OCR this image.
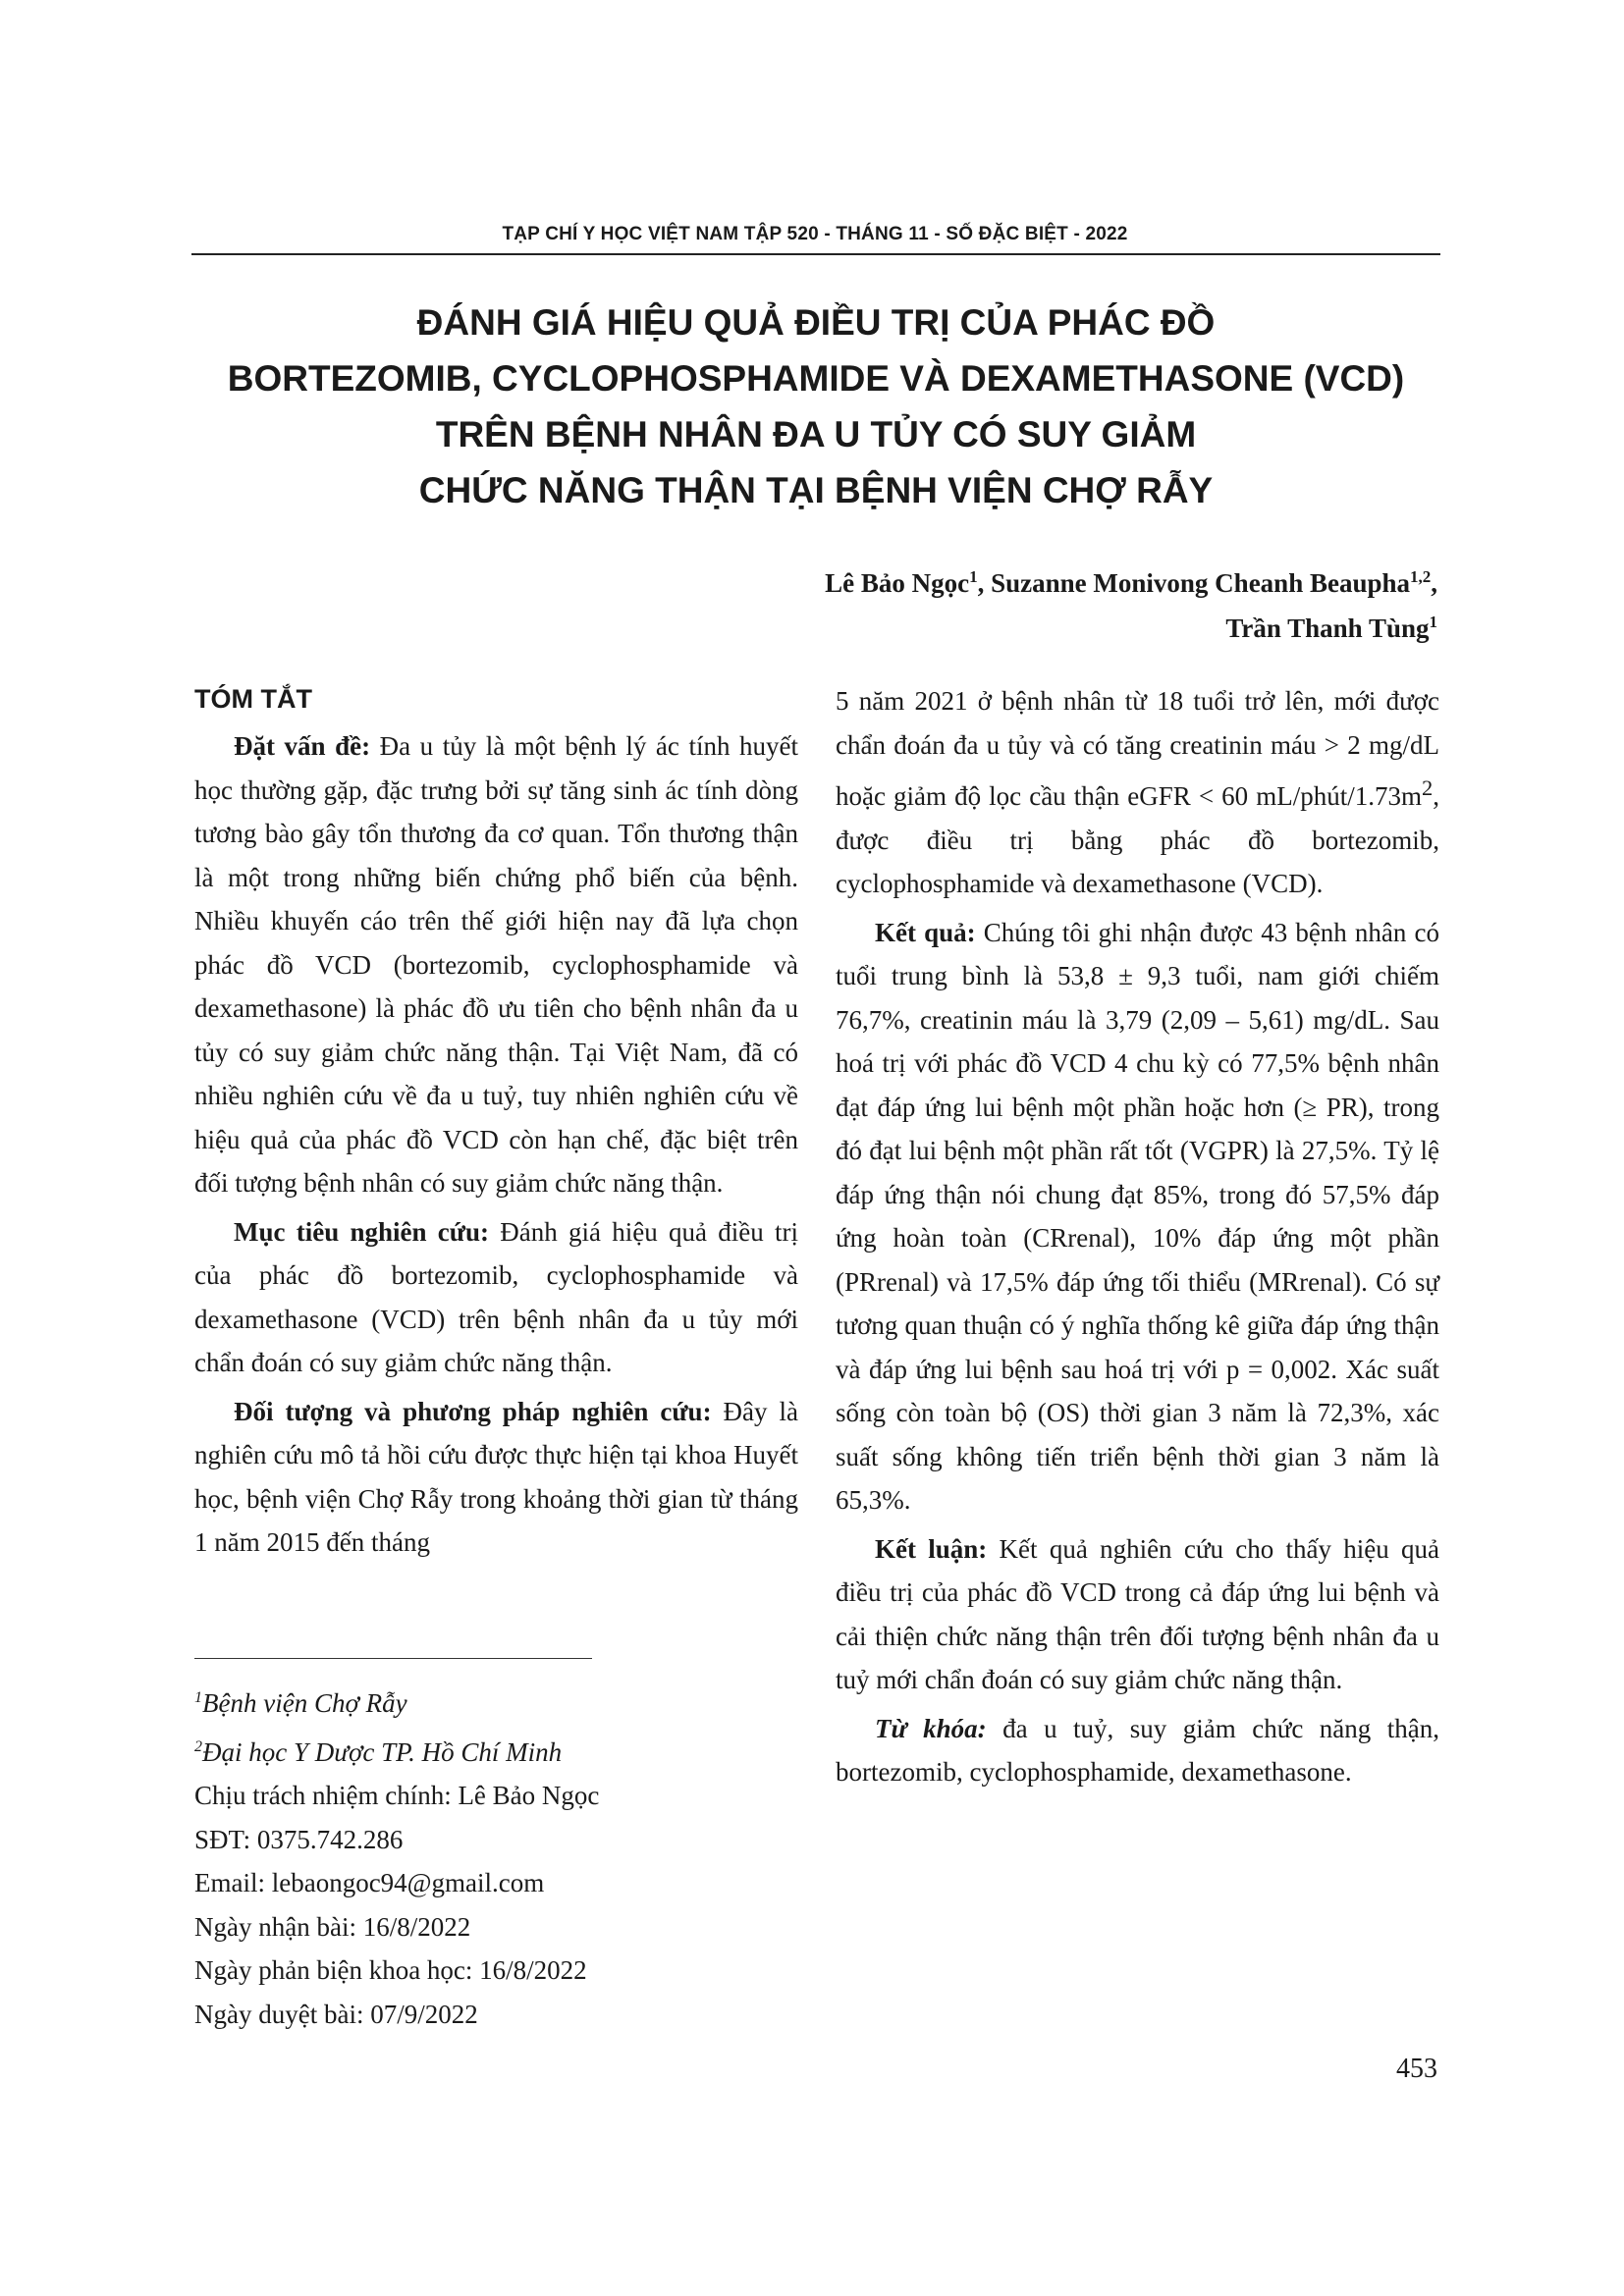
TẠP CHÍ Y HỌC VIỆT NAM TẬP 520 - THÁNG 11 - SỐ ĐẶC BIỆT - 2022
ĐÁNH GIÁ HIỆU QUẢ ĐIỀU TRỊ CỦA PHÁC ĐỒ
BORTEZOMIB, CYCLOPHOSPHAMIDE VÀ DEXAMETHASONE (VCD)
TRÊN BỆNH NHÂN ĐA U TỦY CÓ SUY GIẢM
CHỨC NĂNG THẬN TẠI BỆNH VIỆN CHỢ RẪY
Lê Bảo Ngọc$^1$, Suzanne Monivong Cheanh Beaupha$^{1,2}$,
Trần Thanh Tùng$^1$
TÓM TẮT

Đặt vấn đề: Đa u tủy là một bệnh lý ác tính huyết học thường gặp, đặc trưng bởi sự tăng sinh ác tính dòng tương bào gây tổn thương đa cơ quan. Tổn thương thận là một trong những biến chứng phổ biến của bệnh. Nhiều khuyến cáo trên thế giới hiện nay đã lựa chọn phác đồ VCD (bortezomib, cyclophosphamide và dexamethasone) là phác đồ ưu tiên cho bệnh nhân đa u tủy có suy giảm chức năng thận. Tại Việt Nam, đã có nhiều nghiên cứu về đa u tuỷ, tuy nhiên nghiên cứu về hiệu quả của phác đồ VCD còn hạn chế, đặc biệt trên đối tượng bệnh nhân có suy giảm chức năng thận.

Mục tiêu nghiên cứu: Đánh giá hiệu quả điều trị của phác đồ bortezomib, cyclophosphamide và dexamethasone (VCD) trên bệnh nhân đa u tủy mới chẩn đoán có suy giảm chức năng thận.

Đối tượng và phương pháp nghiên cứu: Đây là nghiên cứu mô tả hồi cứu được thực hiện tại khoa Huyết học, bệnh viện Chợ Rẫy trong khoảng thời gian từ tháng 1 năm 2015 đến tháng

5 năm 2021 ở bệnh nhân từ 18 tuổi trở lên, mới được chẩn đoán đa u tủy và có tăng creatinin máu > 2 mg/dL hoặc giảm độ lọc cầu thận eGFR < 60 $mL/phút/1.73m^2$, được điều trị bằng phác đồ bortezomib, cyclophosphamide và dexamethasone (VCD).

Kết quả: Chúng tôi ghi nhận được 43 bệnh nhân có tuổi trung bình là 53,8 ± 9,3 tuổi, nam giới chiếm 76,7%, creatinin máu là 3,79 (2,09 – 5,61) mg/dL. Sau hoá trị với phác đồ VCD 4 chu kỳ có 77,5% bệnh nhân đạt đáp ứng lui bệnh một phần hoặc hơn (≥ PR), trong đó đạt lui bệnh một phần rất tốt (VGPR) là 27,5%. Tỷ lệ đáp ứng thận nói chung đạt 85%, trong đó 57,5% đáp ứng hoàn toàn (CRrenal), 10% đáp ứng một phần (PRrenal) và 17,5% đáp ứng tối thiểu (MRrenal). Có sự tương quan thuận có ý nghĩa thống kê giữa đáp ứng thận và đáp ứng lui bệnh sau hoá trị với p = 0,002. Xác suất sống còn toàn bộ (OS) thời gian 3 năm là 72,3%, xác suất sống không tiến triển bệnh thời gian 3 năm là 65,3%.

Kết luận: Kết quả nghiên cứu cho thấy hiệu quả điều trị của phác đồ VCD trong cả đáp ứng lui bệnh và cải thiện chức năng thận trên đối tượng bệnh nhân đa u tuỷ mới chẩn đoán có suy giảm chức năng thận.

Từ khóa: đa u tuỷ, suy giảm chức năng thận, bortezomib, cyclophosphamide, dexamethasone.

$^1$Bệnh viện Chợ Rẫy
$^2$Đại học Y Dược TP. Hồ Chí Minh
Chịu trách nhiệm chính: Lê Bảo Ngọc
SĐT: 0375.742.286
Email: lebaongoc94@gmail.com
Ngày nhận bài: 16/8/2022
Ngày phản biện khoa học: 16/8/2022
Ngày duyệt bài: 07/9/2022
453
